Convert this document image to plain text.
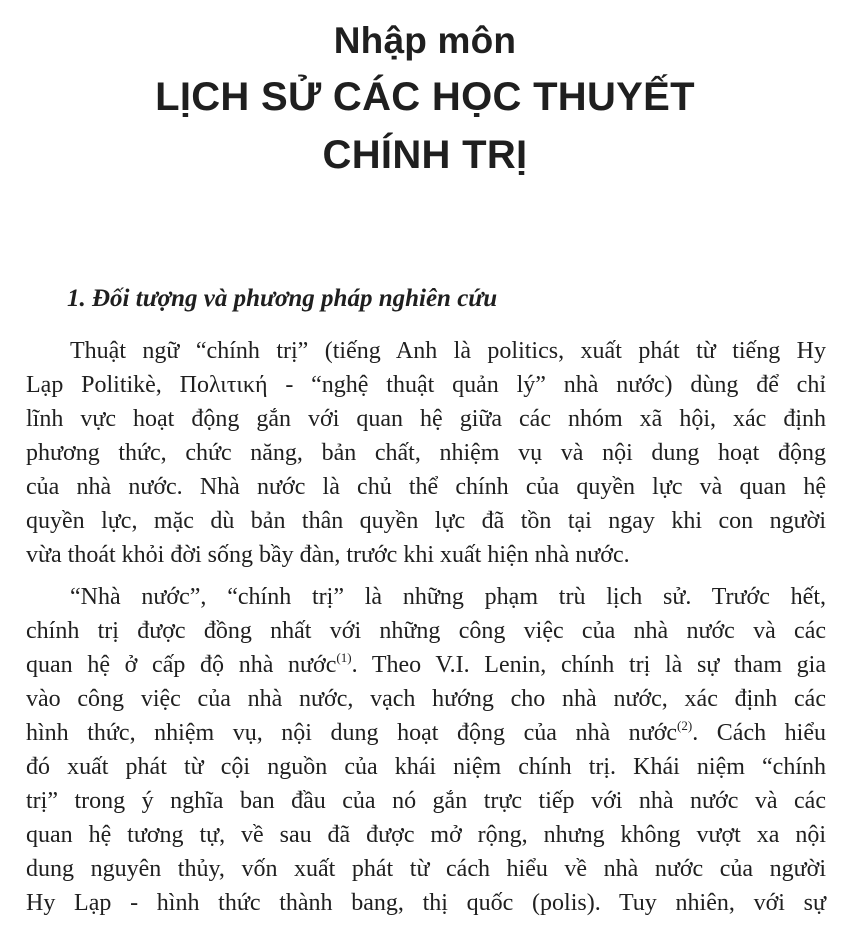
Nhập môn
LỊCH SỬ CÁC HỌC THUYẾT
CHÍNH TRỊ
1. Đối tượng và phương pháp nghiên cứu

Thuật ngữ “chính trị” (tiếng Anh là politics, xuất phát từ tiếng Hy
Lạp Politikè, Πολιτική - “nghệ thuật quản lý” nhà nước) dùng để chỉ
lĩnh vực hoạt động gắn với quan hệ giữa các nhóm xã hội, xác định
phương thức, chức năng, bản chất, nhiệm vụ và nội dung hoạt động
của nhà nước. Nhà nước là chủ thể chính của quyền lực và quan hệ
quyền lực, mặc dù bản thân quyền lực đã tồn tại ngay khi con người
vừa thoát khỏi đời sống bầy đàn, trước khi xuất hiện nhà nước.

“Nhà nước”, “chính trị” là những phạm trù lịch sử. Trước hết,
chính trị được đồng nhất với những công việc của nhà nước và các
quan hệ ở cấp độ nhà nước$^{(1)}$. Theo V.I. Lenin, chính trị là sự tham gia
vào công việc của nhà nước, vạch hướng cho nhà nước, xác định các
hình thức, nhiệm vụ, nội dung hoạt động của nhà nước$^{(2)}$. Cách hiểu
đó xuất phát từ cội nguồn của khái niệm chính trị. Khái niệm “chính
trị” trong ý nghĩa ban đầu của nó gắn trực tiếp với nhà nước và các
quan hệ tương tự, về sau đã được mở rộng, nhưng không vượt xa nội
dung nguyên thủy, vốn xuất phát từ cách hiểu về nhà nước của người
Hy Lạp - hình thức thành bang, thị quốc (polis). Tuy nhiên, với sự
